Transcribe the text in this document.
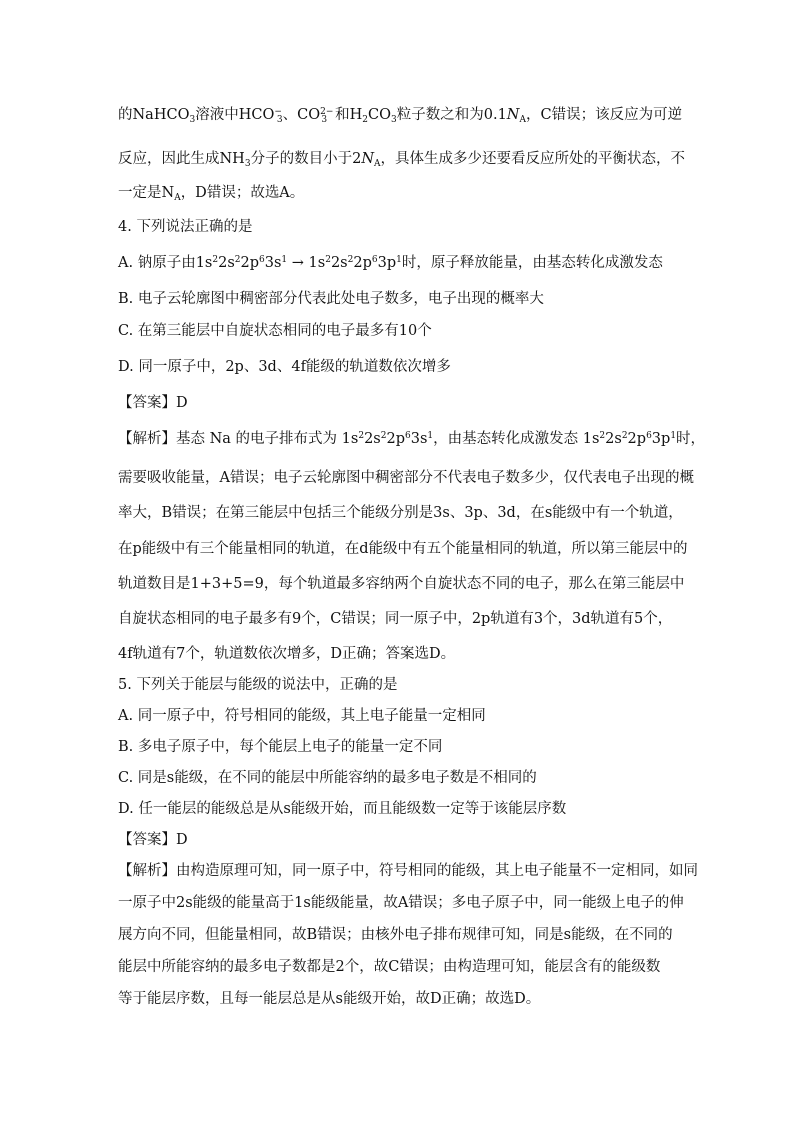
的NaHCO$_3$溶液中$HCO^-_3$、$CO^{2-}_3$ 和$H_2CO_3$粒子数之和为$0.1N_A$，C错误；该反应为可逆
反应，因此生成$NH_3$分子的数目小于$2N_A$，具体生成多少还要看反应所处的平衡状态，不
一定是$N_A$，D错误；故选A。
4. 下列说法正确的是
A. 钠原子由$1s^22s^22p^63s^1 \to 1s^22s^22p^63p^1$时，原子释放能量，由基态转化成激发态
B. 电子云轮廓图中稠密部分代表此处电子数多，电子出现的概率大
C. 在第三能层中自旋状态相同的电子最多有10个
D. 同一原子中，2p、3d、4f能级的轨道数依次增多
【答案】D
【解析】基态 Na 的电子排布式为 $1s^22s^22p^63s^1$，由基态转化成激发态 $1s^22s^22p^63p^1$时，
需要吸收能量，A错误；电子云轮廓图中稠密部分不代表电子数多少，仅代表电子出现的概
率大，B错误；在第三能层中包括三个能级分别是3s、3p、3d，在s能级中有一个轨道，
在p能级中有三个能量相同的轨道，在d能级中有五个能量相同的轨道，所以第三能层中的
轨道数目是1+3+5=9，每个轨道最多容纳两个自旋状态不同的电子，那么在第三能层中
自旋状态相同的电子最多有9个，C错误；同一原子中，2p轨道有3个，3d轨道有5个，
4f轨道有7个，轨道数依次增多，D正确；答案选D。
5. 下列关于能层与能级的说法中，正确的是
A. 同一原子中，符号相同的能级，其上电子能量一定相同
B. 多电子原子中，每个能层上电子的能量一定不同
C. 同是s能级，在不同的能层中所能容纳的最多电子数是不相同的
D. 任一能层的能级总是从s能级开始，而且能级数一定等于该能层序数
【答案】D
【解析】由构造原理可知，同一原子中，符号相同的能级，其上电子能量不一定相同，如同
一原子中2s能级的能量高于1s能级能量，故A错误；多电子原子中，同一能级上电子的伸
展方向不同，但能量相同，故B错误；由核外电子排布规律可知，同是s能级，在不同的
能层中所能容纳的最多电子数都是2个，故C错误；由构造理可知，能层含有的能级数
等于能层序数，且每一能层总是从s能级开始，故D正确；故选D。
